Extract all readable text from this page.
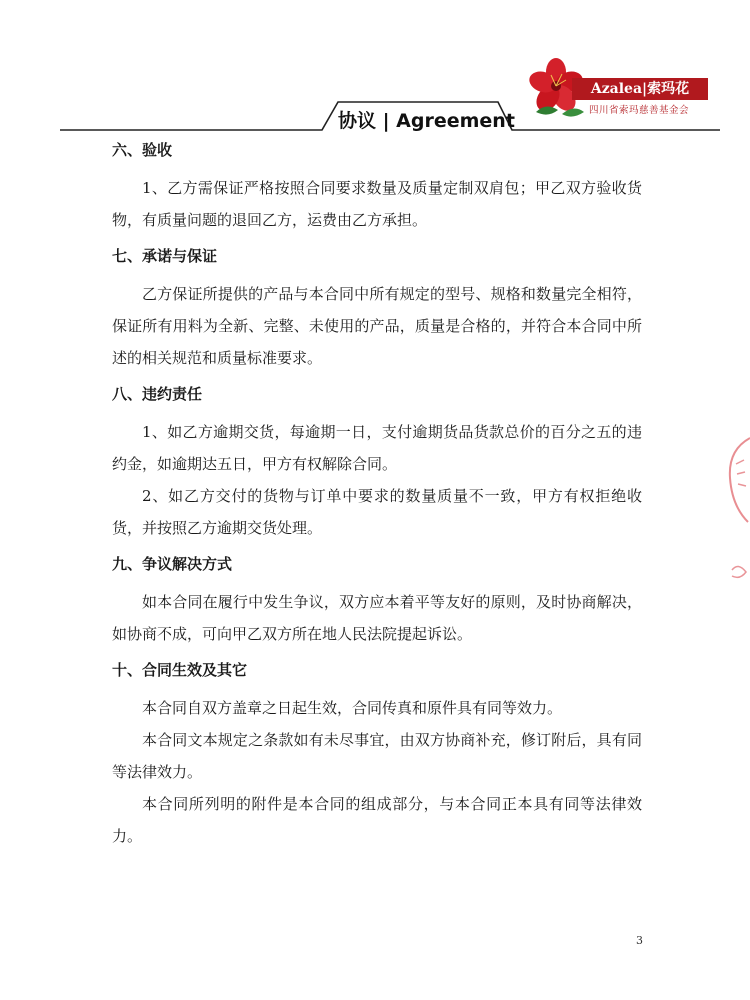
协议 | Agreement
Azalea|索玛花
四川省索玛慈善基金会
六、验收

1、乙方需保证严格按照合同要求数量及质量定制双肩包；甲乙双方验收货物，有质量问题的退回乙方，运费由乙方承担。

七、承诺与保证

乙方保证所提供的产品与本合同中所有规定的型号、规格和数量完全相符，保证所有用料为全新、完整、未使用的产品，质量是合格的，并符合本合同中所述的相关规范和质量标准要求。

八、违约责任

1、如乙方逾期交货，每逾期一日，支付逾期货品货款总价的百分之五的违约金，如逾期达五日，甲方有权解除合同。

2、如乙方交付的货物与订单中要求的数量质量不一致，甲方有权拒绝收货，并按照乙方逾期交货处理。

九、争议解决方式

如本合同在履行中发生争议，双方应本着平等友好的原则，及时协商解决，如协商不成，可向甲乙双方所在地人民法院提起诉讼。

十、合同生效及其它

本合同自双方盖章之日起生效，合同传真和原件具有同等效力。

本合同文本规定之条款如有未尽事宜，由双方协商补充，修订附后，具有同等法律效力。

本合同所列明的附件是本合同的组成部分，与本合同正本具有同等法律效力。

3
